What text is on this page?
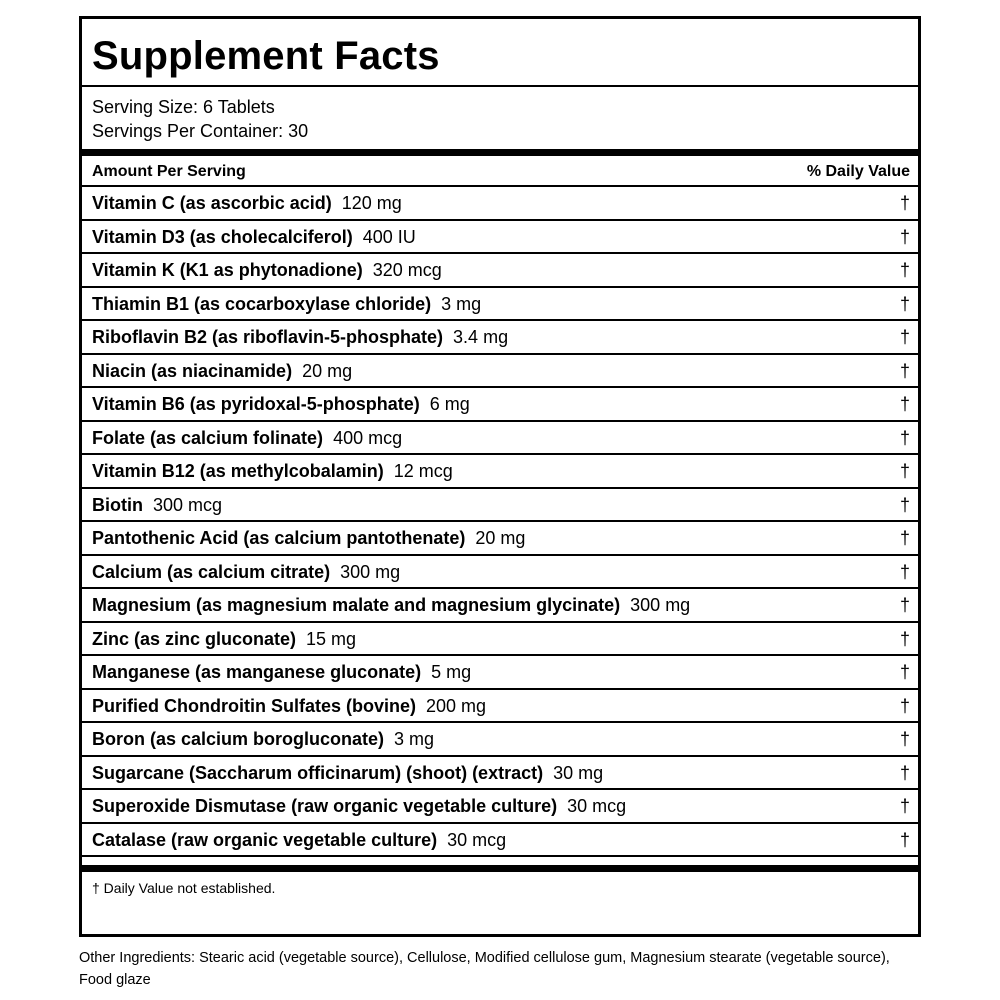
Supplement Facts
Serving Size: 6 Tablets
Servings Per Container: 30
Amount Per Serving	% Daily Value
Vitamin C (as ascorbic acid) 120 mg	†
Vitamin D3 (as cholecalciferol) 400 IU	†
Vitamin K (K1 as phytonadione) 320 mcg	†
Thiamin B1 (as cocarboxylase chloride) 3 mg	†
Riboflavin B2 (as riboflavin-5-phosphate) 3.4 mg	†
Niacin (as niacinamide) 20 mg	†
Vitamin B6 (as pyridoxal-5-phosphate) 6 mg	†
Folate (as calcium folinate) 400 mcg	†
Vitamin B12 (as methylcobalamin) 12 mcg	†
Biotin 300 mcg	†
Pantothenic Acid (as calcium pantothenate) 20 mg	†
Calcium (as calcium citrate) 300 mg	†
Magnesium (as magnesium malate and magnesium glycinate) 300 mg	†
Zinc (as zinc gluconate) 15 mg	†
Manganese (as manganese gluconate) 5 mg	†
Purified Chondroitin Sulfates (bovine) 200 mg	†
Boron (as calcium borogluconate) 3 mg	†
Sugarcane (Saccharum officinarum) (shoot) (extract) 30 mg	†
Superoxide Dismutase (raw organic vegetable culture) 30 mcg	†
Catalase (raw organic vegetable culture) 30 mcg	†
† Daily Value not established.
Other Ingredients: Stearic acid (vegetable source), Cellulose, Modified cellulose gum, Magnesium stearate (vegetable source), Food glaze
